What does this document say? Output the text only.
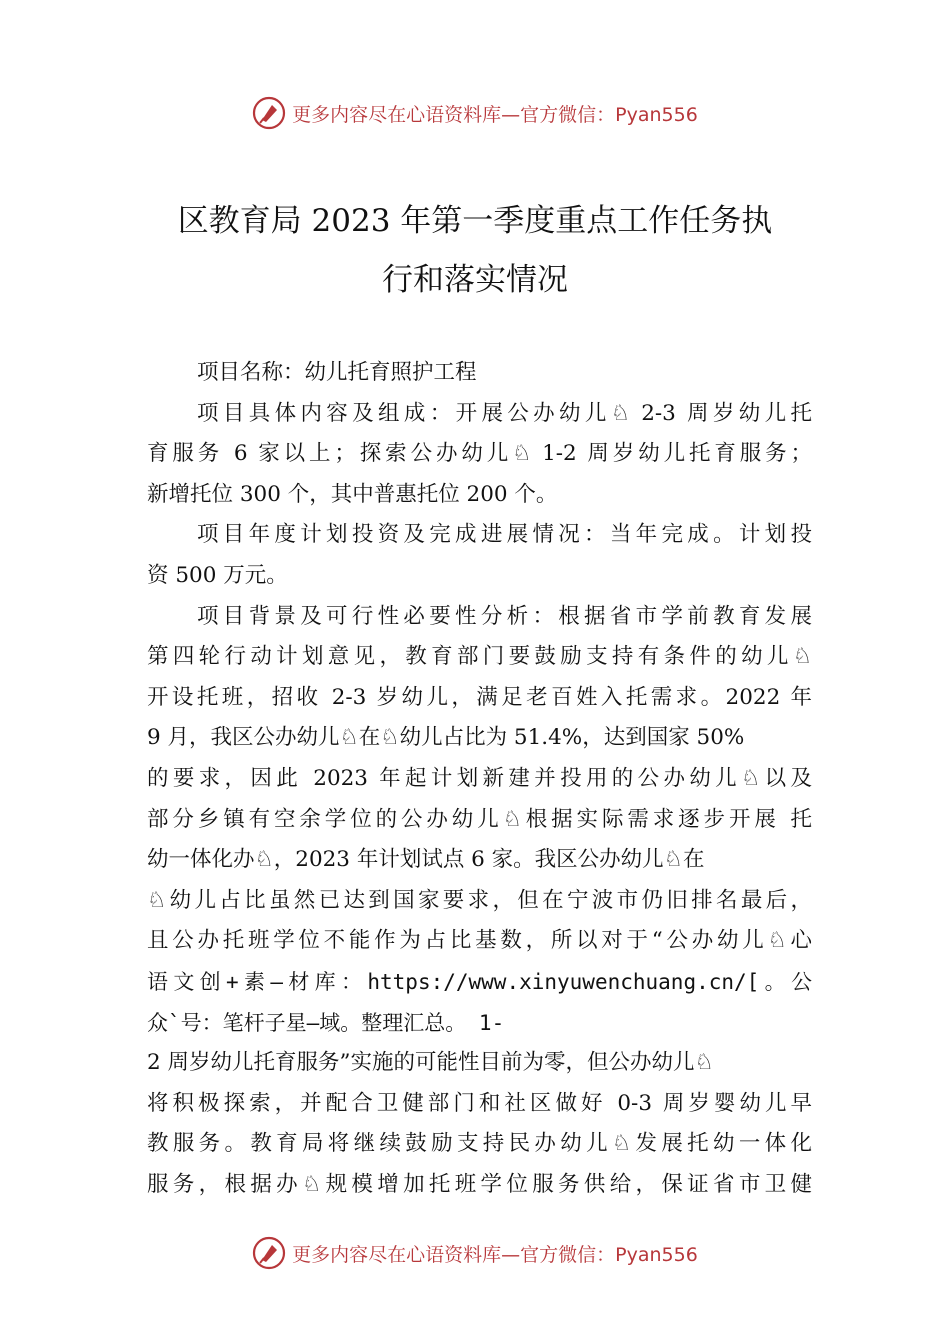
更多内容尽在心语资料库—官方微信：Pyan556
区教育局 2023 年第一季度重点工作任务执
行和落实情况

项目名称：幼儿托育照护工程

项目具体内容及组成：开展公办幼儿♘ 2-3 周岁幼儿托

育服务 6 家以上；探索公办幼儿♘ 1-2 周岁幼儿托育服务；

新增托位 300 个，其中普惠托位 200 个。

项目年度计划投资及完成进展情况：当年完成。计划投

资 500 万元。

项目背景及可行性必要性分析：根据省市学前教育发展

第四轮行动计划意见，教育部门要鼓励支持有条件的幼儿♘

开设托班，招收 2-3 岁幼儿，满足老百姓入托需求。2022 年

9 月，我区公办幼儿♘在♘幼儿占比为 51.4%，达到国家 50%

的要求，因此 2023 年起计划新建并投用的公办幼儿♘以及

部分乡镇有空余学位的公办幼儿♘根据实际需求逐步开展 托

幼一体化办♘，2023 年计划试点 6 家。我区公办幼儿♘在

♘幼儿占比虽然已达到国家要求，但在宁波市仍旧排名最后，

且公办托班学位不能作为占比基数，所以对于“公办幼儿♘心

语文创+素—材库：https://www.xinyuwenchuang.cn/[。公

众`号：笔杆子星—域。整理汇总。 1-

2 周岁幼儿托育服务”实施的可能性目前为零，但公办幼儿♘

将积极探索，并配合卫健部门和社区做好 0-3 周岁婴幼儿早

教服务。教育局将继续鼓励支持民办幼儿♘发展托幼一体化

服务，根据办♘规模增加托班学位服务供给，保证省市卫健

更多内容尽在心语资料库—官方微信：Pyan556
